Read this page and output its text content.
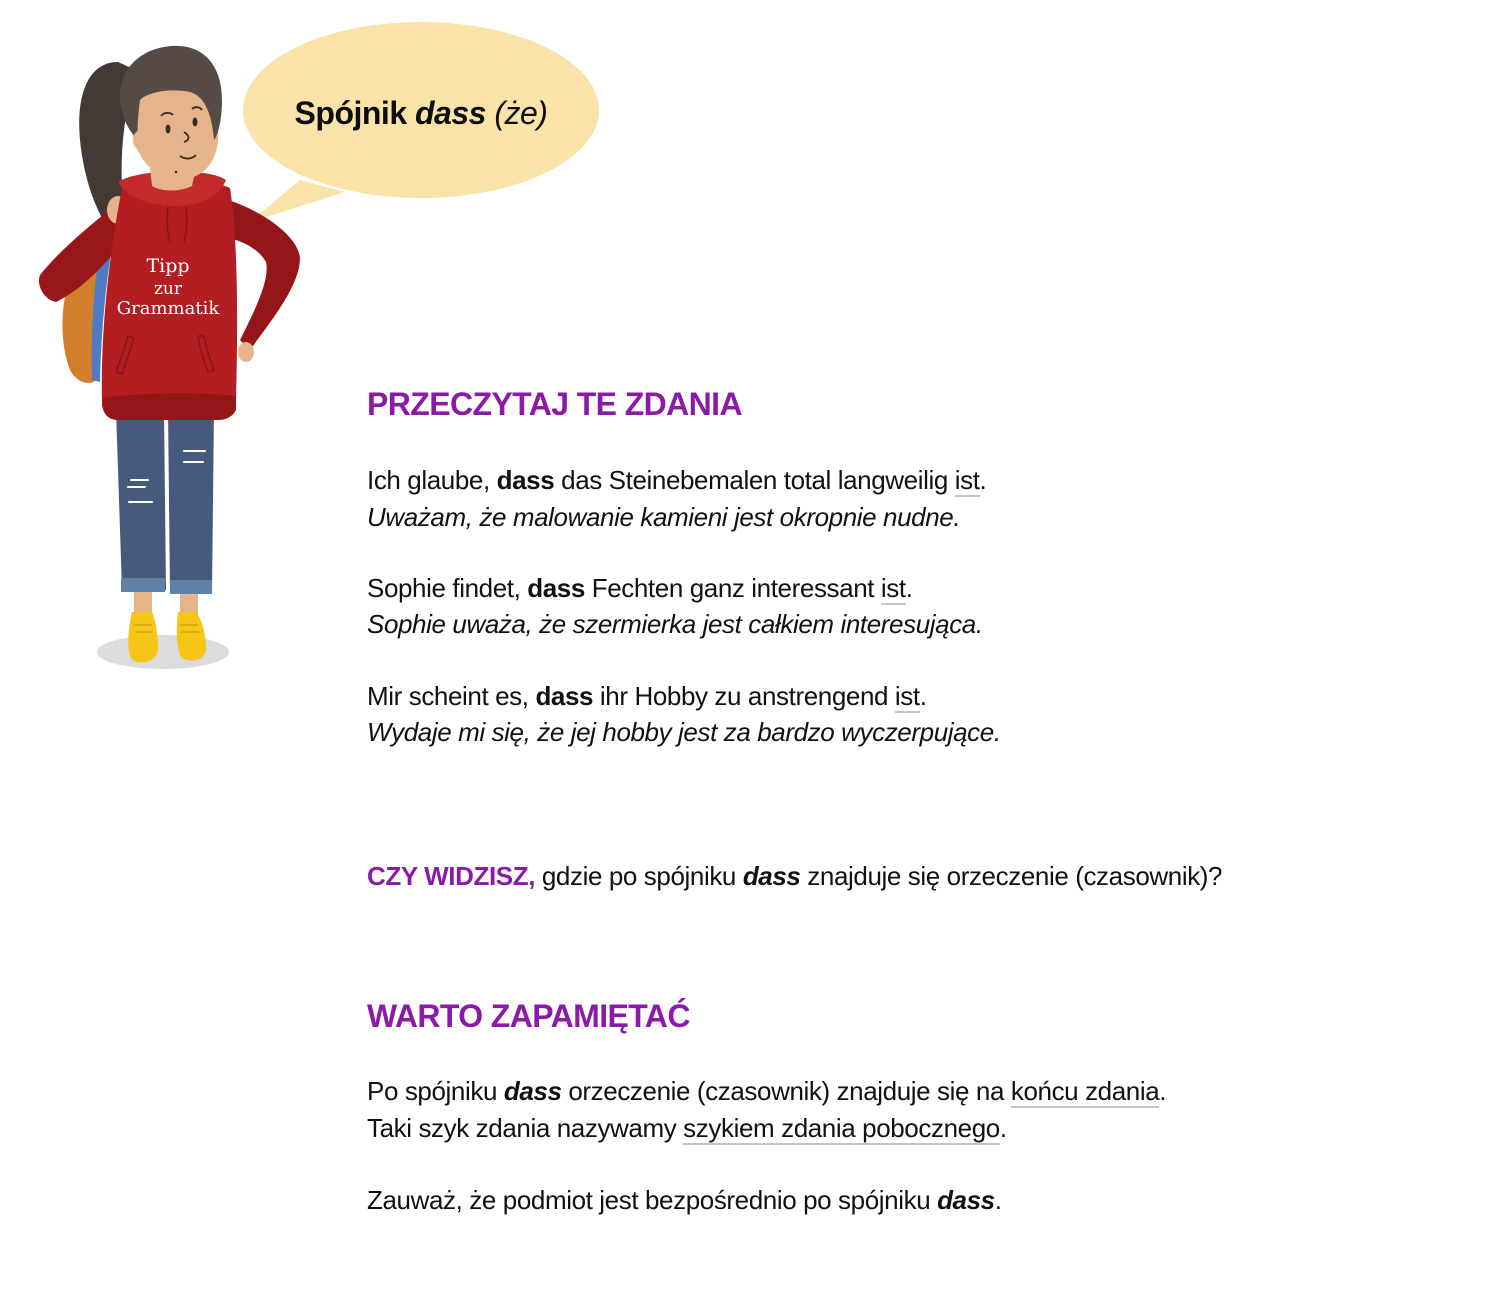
Tipp
zur
Grammatik
Spójnik dass (że)
PRZECZYTAJ TE ZDANIA
Ich glaube, dass das Steinebemalen total langweilig ist.
Uważam, że malowanie kamieni jest okropnie nudne.
Sophie findet, dass Fechten ganz interessant ist.
Sophie uważa, że szermierka jest całkiem interesująca.
Mir scheint es, dass ihr Hobby zu anstrengend ist.
Wydaje mi się, że jej hobby jest za bardzo wyczerpujące.
CZY WIDZISZ, gdzie po spójniku dass znajduje się orzeczenie (czasownik)?
WARTO ZAPAMIĘTAĆ
Po spójniku dass orzeczenie (czasownik) znajduje się na końcu zdania.
Taki szyk zdania nazywamy szykiem zdania pobocznego.
Zauważ, że podmiot jest bezpośrednio po spójniku dass.
